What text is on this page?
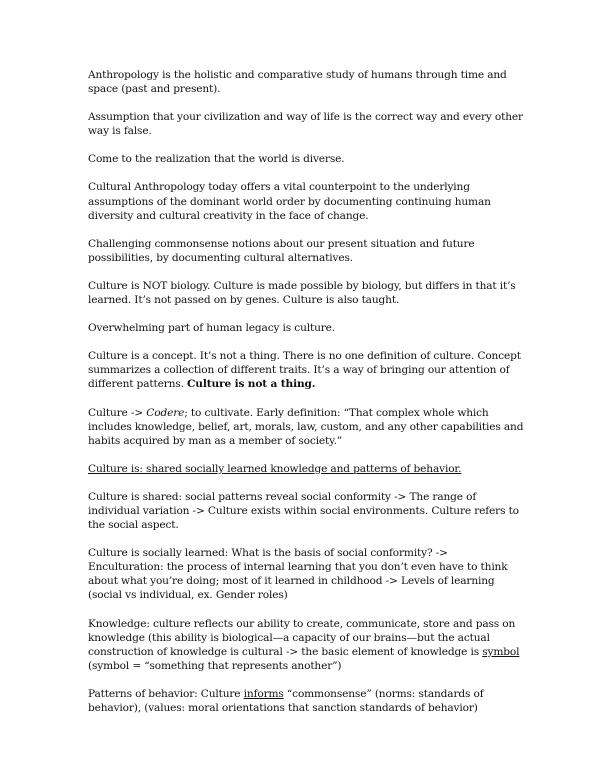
Anthropology is the holistic and comparative study of humans through time and space (past and present).

Assumption that your civilization and way of life is the correct way and every other way is false.

Come to the realization that the world is diverse.

Cultural Anthropology today offers a vital counterpoint to the underlying assumptions of the dominant world order by documenting continuing human diversity and cultural creativity in the face of change.

Challenging commonsense notions about our present situation and future possibilities, by documenting cultural alternatives.

Culture is NOT biology. Culture is made possible by biology, but differs in that it’s learned. It’s not passed on by genes. Culture is also taught.

Overwhelming part of human legacy is culture.

Culture is a concept. It’s not a thing. There is no one definition of culture. Concept summarizes a collection of different traits. It’s a way of bringing our attention of different patterns. Culture is not a thing.

Culture -> Codere; to cultivate. Early definition: “That complex whole which includes knowledge, belief, art, morals, law, custom, and any other capabilities and habits acquired by man as a member of society.”

Culture is: shared socially learned knowledge and patterns of behavior.

Culture is shared: social patterns reveal social conformity -> The range of individual variation -> Culture exists within social environments. Culture refers to the social aspect.

Culture is socially learned: What is the basis of social conformity? -> Enculturation: the process of internal learning that you don’t even have to think about what you’re doing; most of it learned in childhood -> Levels of learning (social vs individual, ex. Gender roles)

Knowledge: culture reflects our ability to create, communicate, store and pass on knowledge (this ability is biological—a capacity of our brains—but the actual construction of knowledge is cultural -> the basic element of knowledge is symbol (symbol = “something that represents another”)

Patterns of behavior: Culture informs “commonsense” (norms: standards of behavior), (values: moral orientations that sanction standards of behavior)
